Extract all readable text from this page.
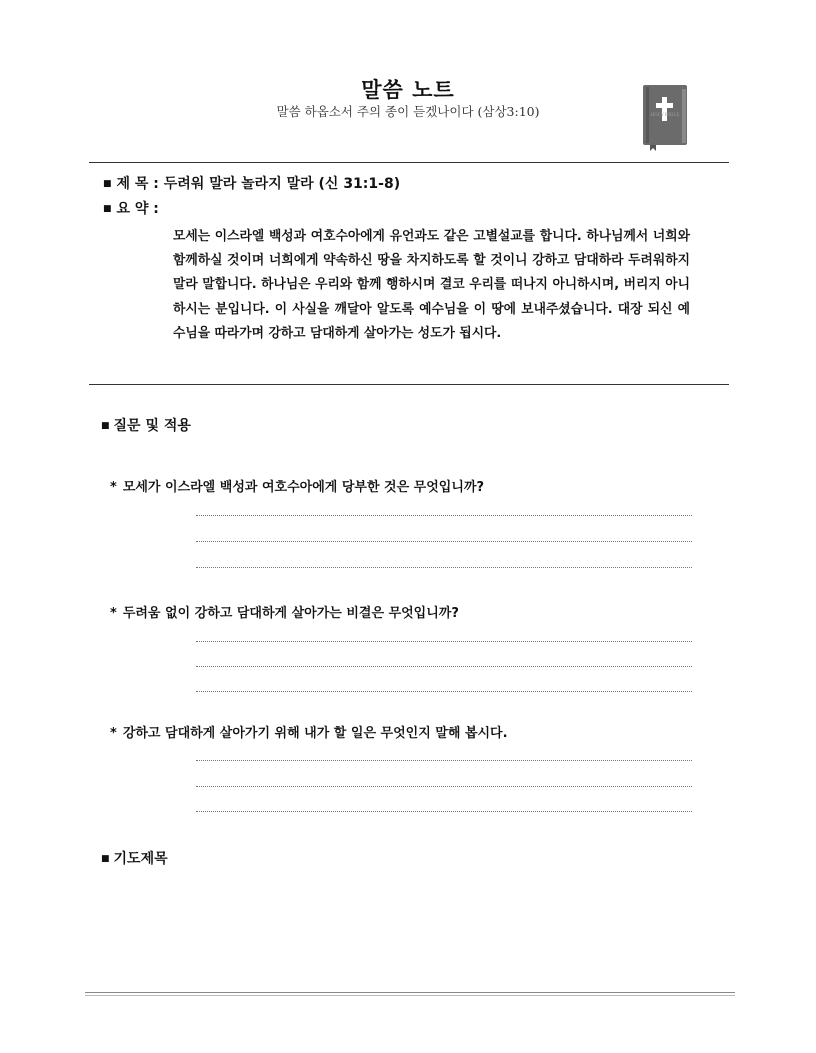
말씀 노트
말씀 하옵소서 주의 종이 듣겠나이다 (삼상3:10)	HOLY BIBLE
■ 제 목 : 두려워 말라 놀라지 말라 (신 31:1-8)
■ 요 약 :
모세는 이스라엘 백성과 여호수아에게 유언과도 같은 고별설교를 합니다. 하나님께서 너희와 함께하실 것이며 너희에게 약속하신 땅을 차지하도록 할 것이니 강하고 담대하라 두려워하지 말라 말합니다. 하나님은 우리와 함께 행하시며 결코 우리를 떠나지 아니하시며, 버리지 아니하시는 분입니다. 이 사실을 깨달아 알도록 예수님을 이 땅에 보내주셨습니다. 대장 되신 예수님을 따라가며 강하고 담대하게 살아가는 성도가 됩시다.
■ 질문 및 적용
* 모세가 이스라엘 백성과 여호수아에게 당부한 것은 무엇입니까?
* 두려움 없이 강하고 담대하게 살아가는 비결은 무엇입니까?
* 강하고 담대하게 살아가기 위해 내가 할 일은 무엇인지 말해 봅시다.
■ 기도제목
